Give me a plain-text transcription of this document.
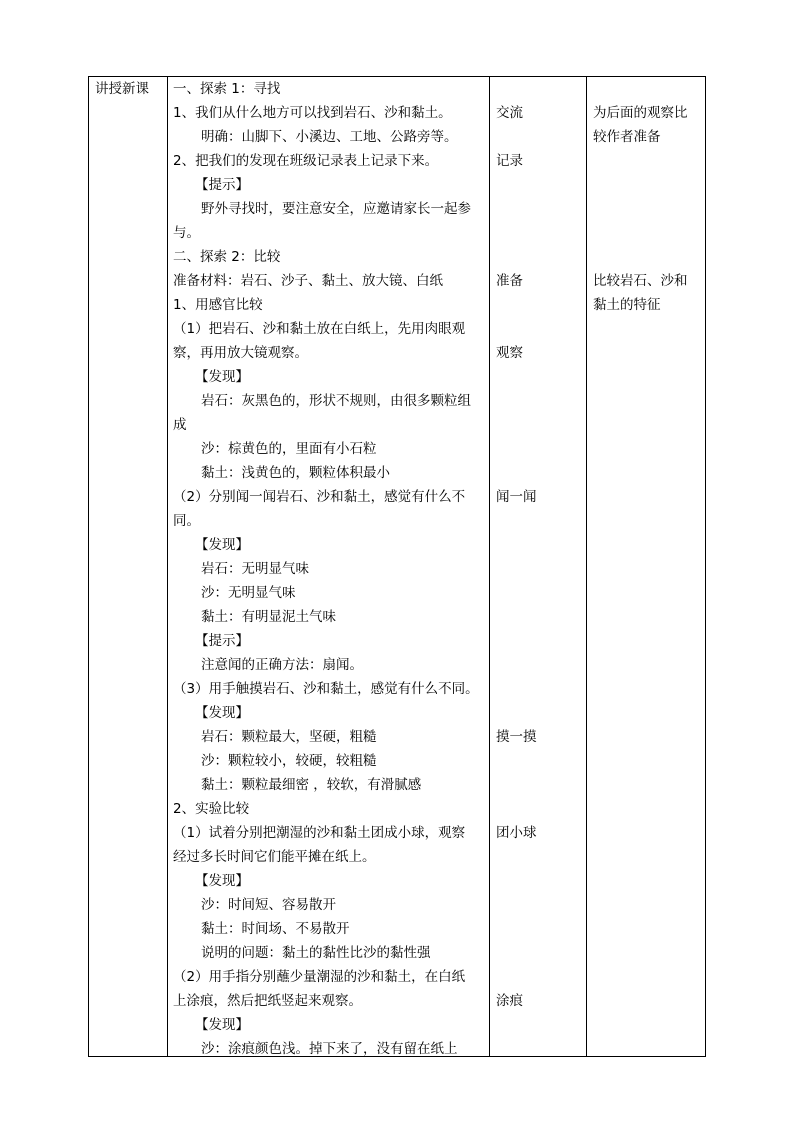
讲授新课 一、探索 1：寻找
1、我们从什么地方可以找到岩石、沙和黏土。
明确：山脚下、小溪边、工地、公路旁等。
2、把我们的发现在班级记录表上记录下来。
【提示】
野外寻找时，要注意安全，应邀请家长一起参
与。
二、探索 2：比较
准备材料：岩石、沙子、黏土、放大镜、白纸
1、用感官比较
（1）把岩石、沙和黏土放在白纸上，先用肉眼观
察，再用放大镜观察。
【发现】
岩石：灰黑色的，形状不规则，由很多颗粒组
成
沙：棕黄色的，里面有小石粒
黏土：浅黄色的，颗粒体积最小
（2）分别闻一闻岩石、沙和黏土，感觉有什么不
同。
【发现】
岩石：无明显气味
沙：无明显气味
黏土：有明显泥土气味
【提示】
注意闻的正确方法：扇闻。
（3）用手触摸岩石、沙和黏土，感觉有什么不同。
【发现】
岩石：颗粒最大，坚硬，粗糙
沙：颗粒较小，较硬，较粗糙
黏土：颗粒最细密 ，较软，有滑腻感
2、实验比较
（1）试着分别把潮湿的沙和黏土团成小球，观察
经过多长时间它们能平摊在纸上。
【发现】
沙：时间短、容易散开
黏土：时间场、不易散开
说明的问题：黏土的黏性比沙的黏性强
（2）用手指分别蘸少量潮湿的沙和黏土，在白纸
上涂痕，然后把纸竖起来观察。
【发现】
沙：涂痕颜色浅。掉下来了，没有留在纸上
交流
记录
准备
观察
闻一闻
摸一摸
团小球
涂痕
为后面的观察比
较作者准备
比较岩石、沙和
黏土的特征
